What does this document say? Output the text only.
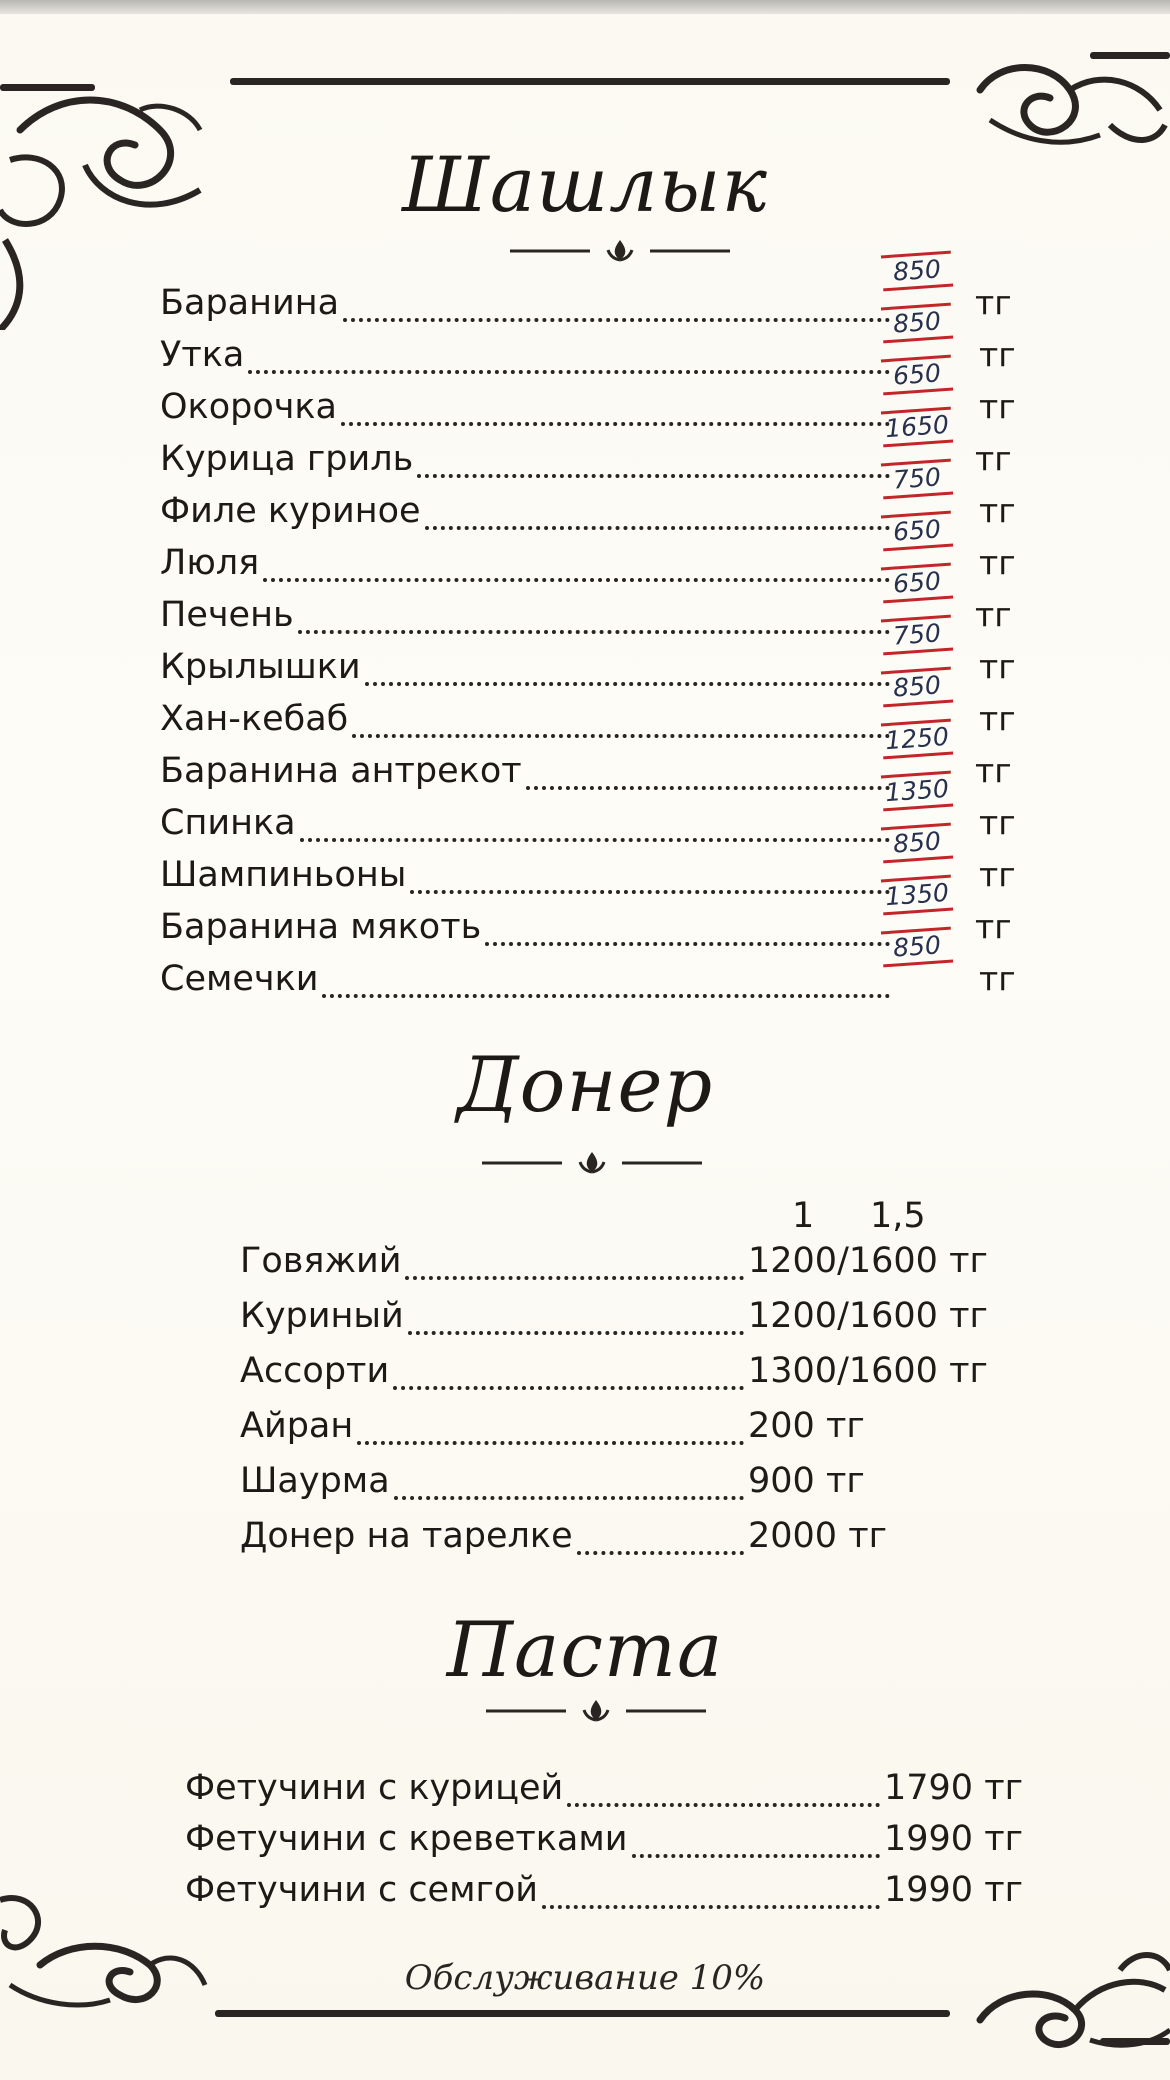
Шашлык
Баранина
850
тг
Утка
850
тг
Окорочка
650
тг
Курица гриль
1650
тг
Филе куриное
750
тг
Люля
650
тг
Печень
650
тг
Крылышки
750
тг
Хан-кебаб
850
тг
Баранина антрекот
1250
тг
Спинка
1350
тг
Шампиньоны
850
тг
Баранина мякоть
1350
тг
Семечки
850
тг
Донер
1 1,5
Говяжий	1200/1600 тг
Куриный	1200/1600 тг
Ассорти	1300/1600 тг
Айран	200 тг
Шаурма	900 тг
Донер на тарелке	2000 тг
Паста
Фетучини с курицей	1790 тг
Фетучини с креветками	1990 тг
Фетучини с семгой	1990 тг
Обслуживание 10%
